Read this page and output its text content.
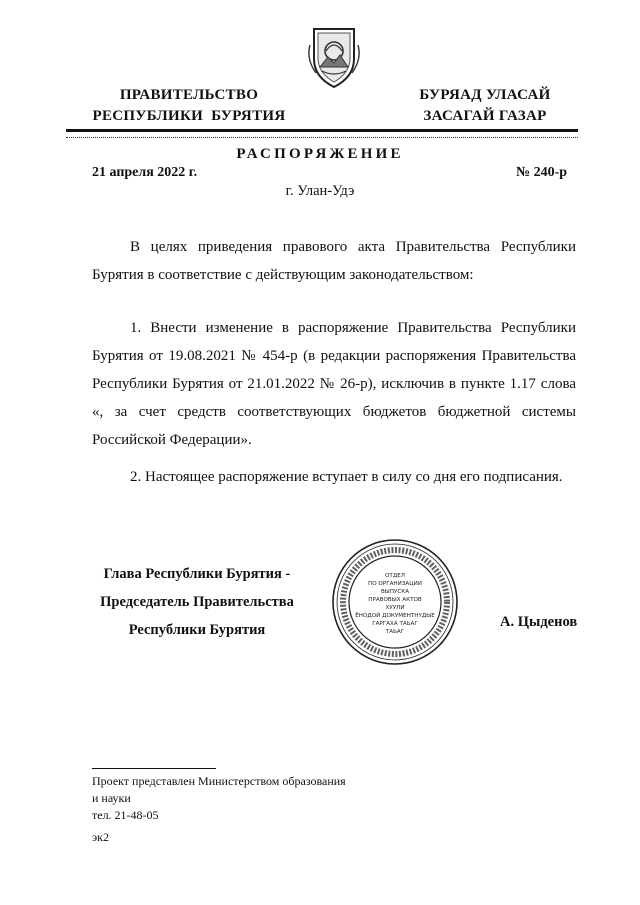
ПРАВИТЕЛЬСТВО
РЕСПУБЛИКИ  БУРЯТИЯ
БУРЯАД УЛАСАЙ
ЗАСАГАЙ ГАЗАР
РАСПОРЯЖЕНИЕ
21 апреля 2022 г.	№ 240-р
г. Улан-Удэ

В целях приведения правового акта Правительства Республики Бурятия в соответствие с действующим законодательством:

1. Внести изменение в распоряжение Правительства Республики Бурятия от 19.08.2021 № 454-р (в редакции распоряжения Правительства Республики Бурятия от 21.01.2022 № 26-р), исключив в пункте 1.17 слова «, за счет средств соответствующих бюджетов бюджетной системы Российской Федерации».

2. Настоящее распоряжение вступает в силу со дня его подписания.

Глава Республики Бурятия -
Председатель Правительства
Республики Бурятия
ОТДЕЛ
ПО ОРГАНИЗАЦИИ
ВЫПУСКА
ПРАВОВЫХ АКТОВ
ХУУЛИ
ЁНОДОЙ ДОКУМЕНТНҮДЫЕ
ГАРГАХА ТАЬАГ
ТАЬАГ
А. Цыденов
Проект представлен Министерством образования
и науки
тел. 21-48-05
эк2
